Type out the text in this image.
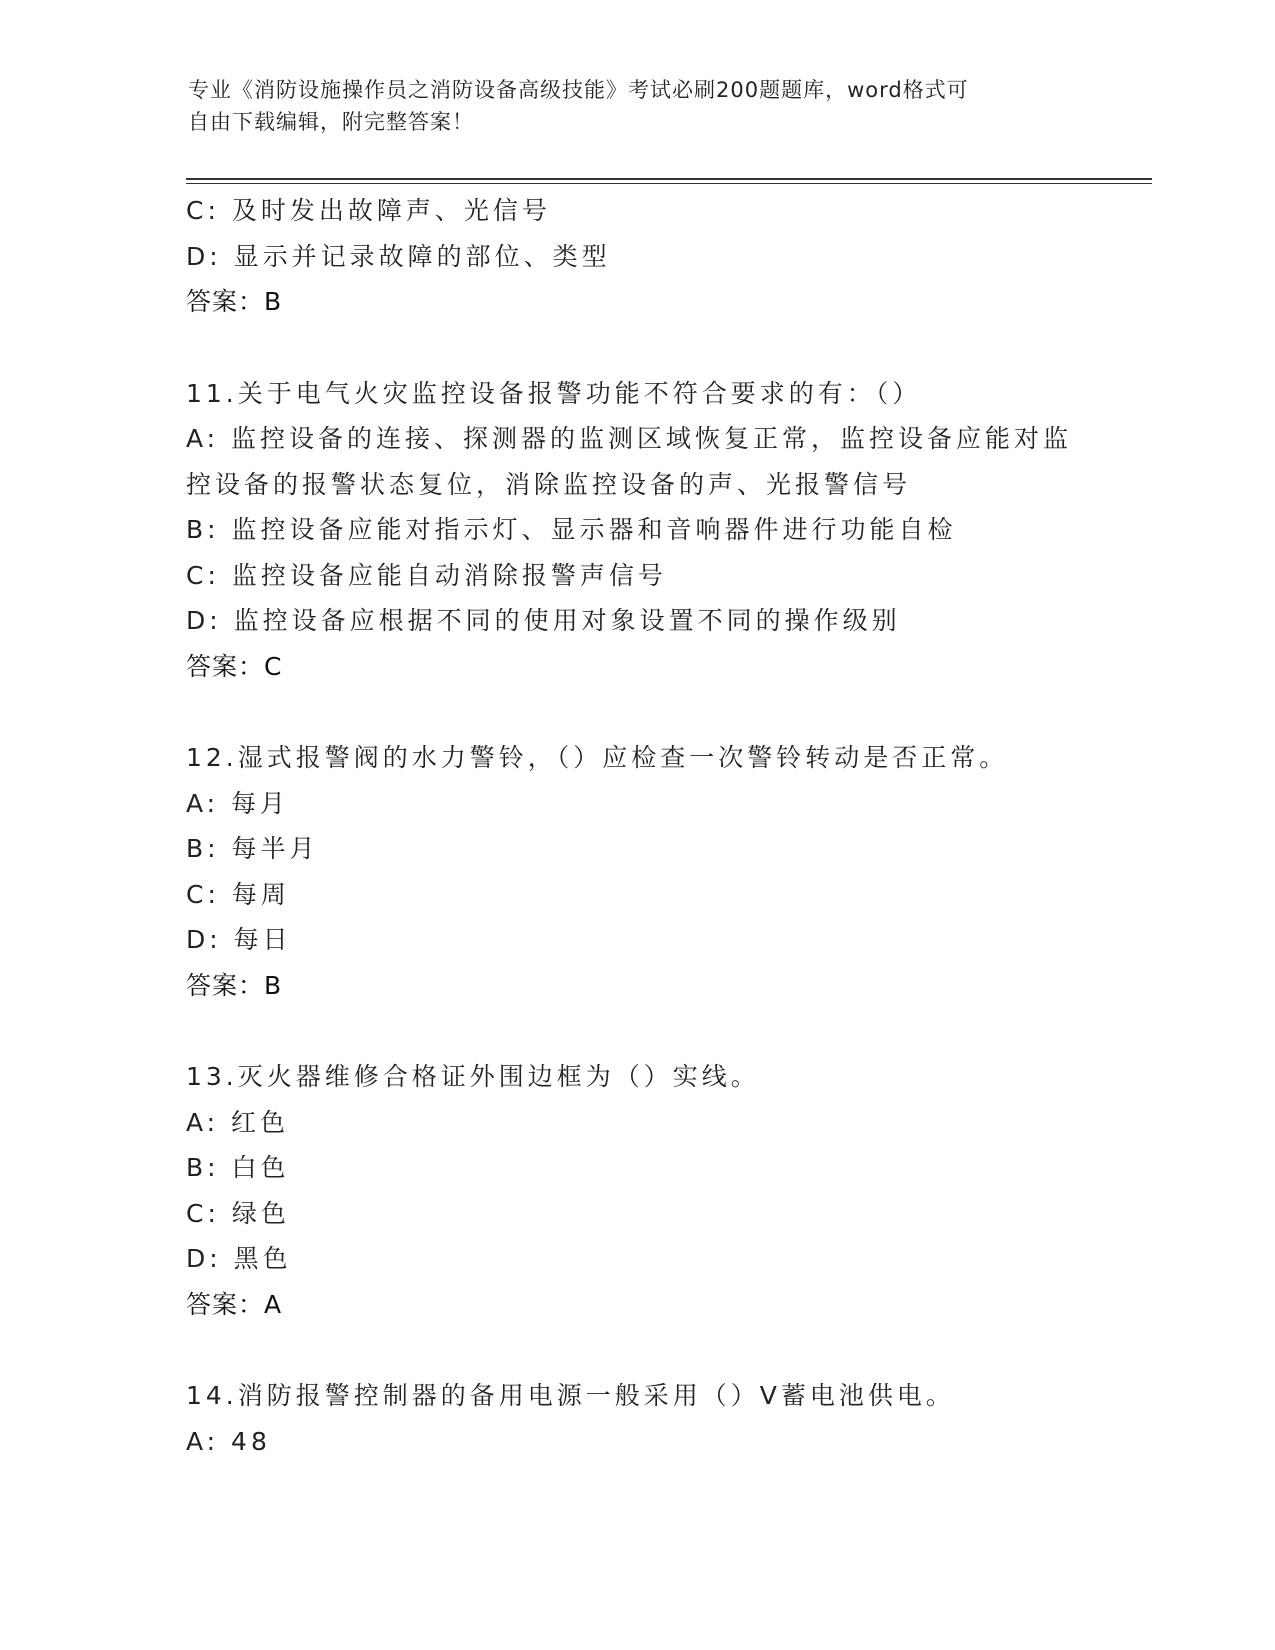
专业《消防设施操作员之消防设备高级技能》考试必刷200题题库，word格式可
自由下载编辑，附完整答案！
C: 及时发出故障声、光信号
D: 显示并记录故障的部位、类型
答案：B
11.关于电气火灾监控设备报警功能不符合要求的有：（）
A: 监控设备的连接、探测器的监测区域恢复正常，监控设备应能对监
控设备的报警状态复位，消除监控设备的声、光报警信号
B: 监控设备应能对指示灯、显示器和音响器件进行功能自检
C: 监控设备应能自动消除报警声信号
D: 监控设备应根据不同的使用对象设置不同的操作级别
答案：C
12.湿式报警阀的水力警铃，（）应检查一次警铃转动是否正常。
A: 每月
B: 每半月
C: 每周
D: 每日
答案：B
13.灭火器维修合格证外围边框为（）实线。
A: 红色
B: 白色
C: 绿色
D: 黑色
答案：A
14.消防报警控制器的备用电源一般采用（）V蓄电池供电。
A: 48
